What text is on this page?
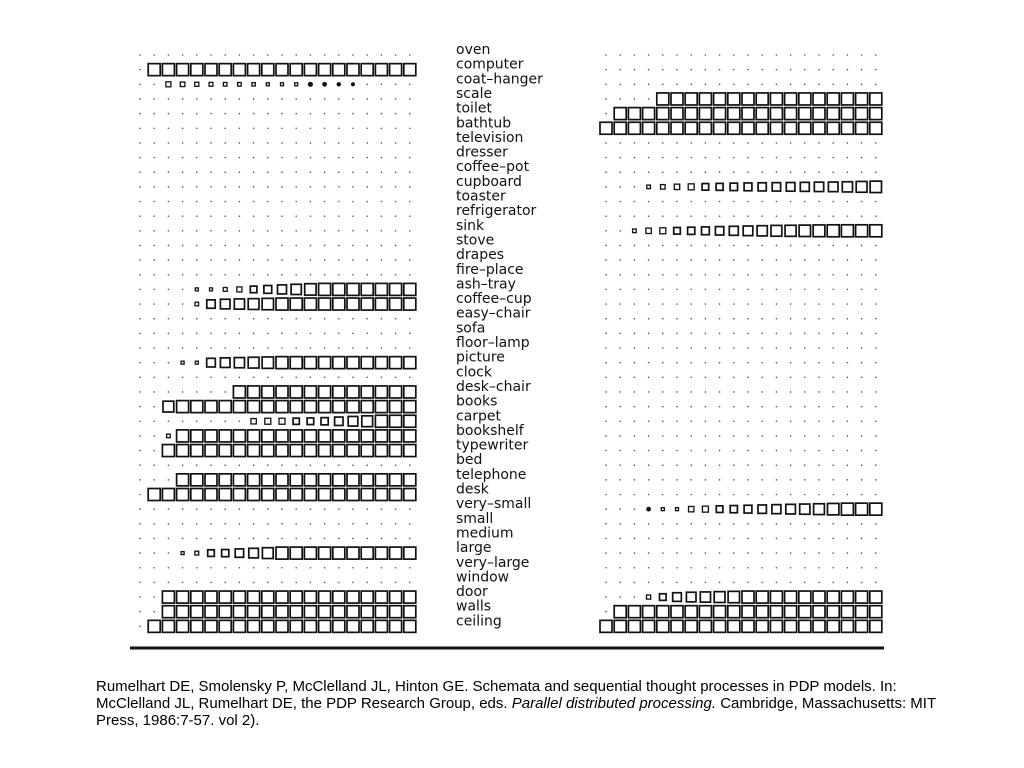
oven
computer
coat–hanger
scale
toilet
bathtub
television
dresser
coffee–pot
cupboard
toaster
refrigerator
sink
stove
drapes
fire–place
ash–tray
coffee–cup
easy–chair
sofa
floor–lamp
picture
clock
desk–chair
books
carpet
bookshelf
typewriter
bed
telephone
desk
very–small
small
medium
large
very–large
window
door
walls
ceiling
Rumelhart DE, Smolensky P, McClelland JL, Hinton GE. Schemata and sequential thought processes in PDP models. In: McClelland JL, Rumelhart DE, the PDP Research Group, eds. Parallel distributed processing. Cambridge, Massachusetts: MIT Press, 1986:7-57. vol 2).
